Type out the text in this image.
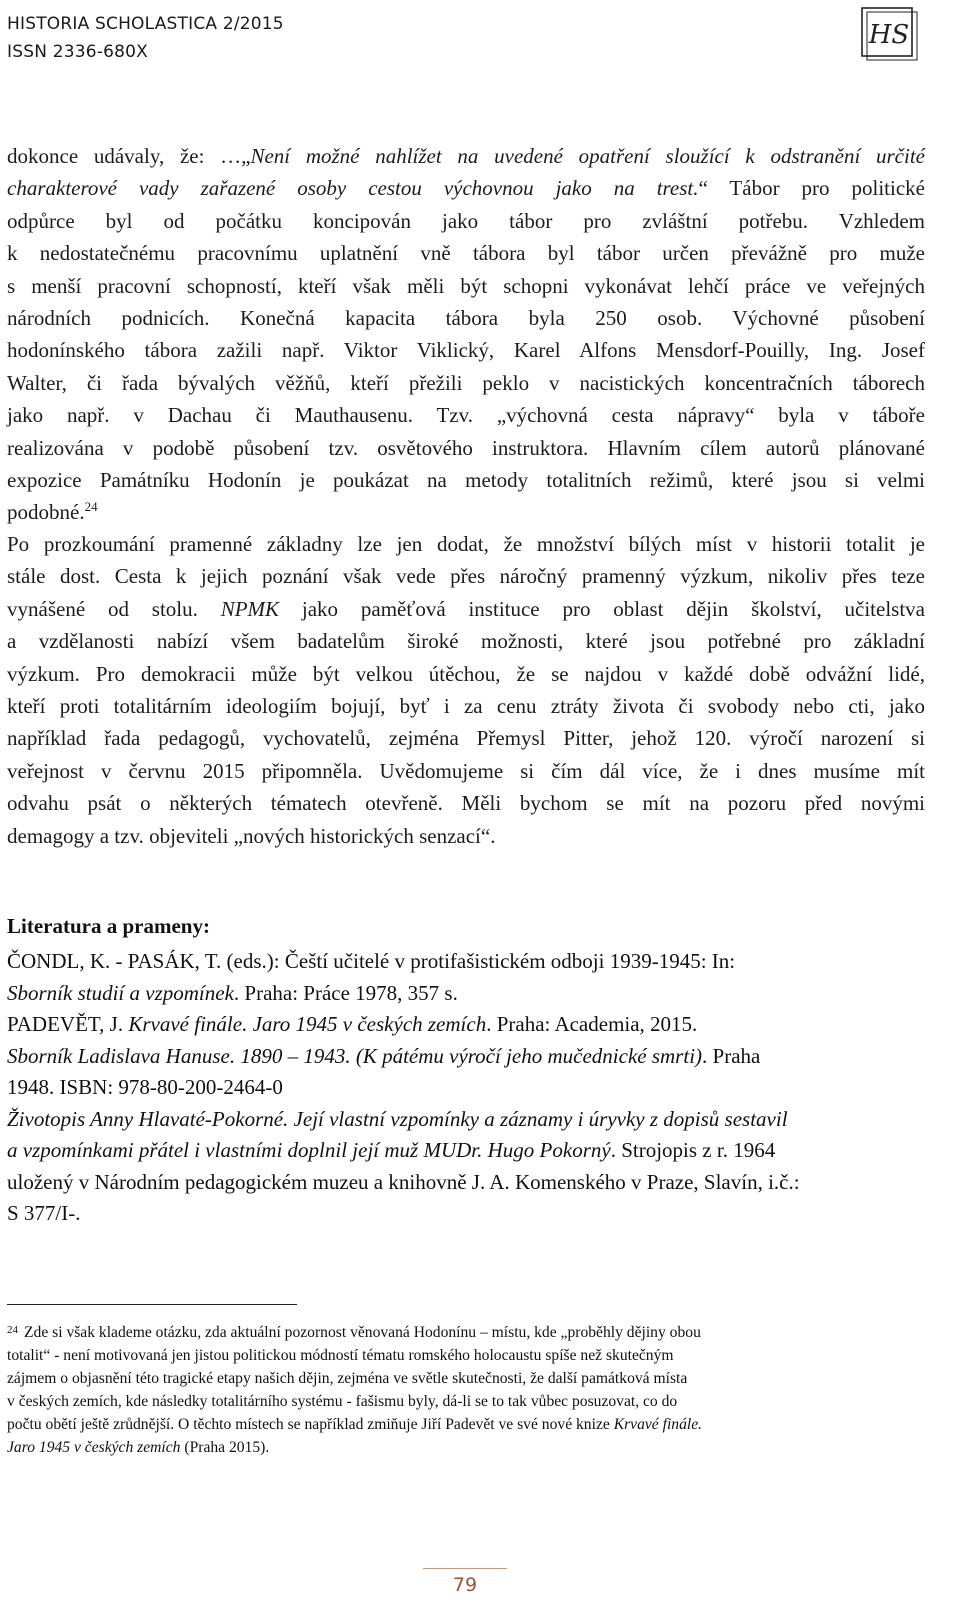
HISTORIA SCHOLASTICA 2/2015
ISSN 2336-680X
HS
dokonce udávaly, že: …„Není možné nahlížet na uvedené opatření sloužící k odstranění určité
charakterové vady zařazené osoby cestou výchovnou jako na trest.“ Tábor pro politické
odpůrce byl od počátku koncipován jako tábor pro zvláštní potřebu. Vzhledem
k nedostatečnému pracovnímu uplatnění vně tábora byl tábor určen převážně pro muže
s menší pracovní schopností, kteří však měli být schopni vykonávat lehčí práce ve veřejných
národních podnicích. Konečná kapacita tábora byla 250 osob. Výchovné působení
hodonínského tábora zažili např. Viktor Viklický, Karel Alfons Mensdorf-Pouilly, Ing. Josef
Walter, či řada bývalých věžňů, kteří přežili peklo v nacistických koncentračních táborech
jako např. v Dachau či Mauthausenu. Tzv. „výchovná cesta nápravy“ byla v táboře
realizována v podobě působení tzv. osvětového instruktora. Hlavním cílem autorů plánované
expozice Památníku Hodonín je poukázat na metody totalitních režimů, které jsou si velmi
podobné.$^{24}$
Po prozkoumání pramenné základny lze jen dodat, že množství bílých míst v historii totalit je
stále dost. Cesta k jejich poznání však vede přes náročný pramenný výzkum, nikoliv přes teze
vynášené od stolu. NPMK jako paměťová instituce pro oblast dějin školství, učitelstva
a vzdělanosti nabízí všem badatelům široké možnosti, které jsou potřebné pro základní
výzkum. Pro demokracii může být velkou útěchou, že se najdou v každé době odvážní lidé,
kteří proti totalitárním ideologiím bojují, byť i za cenu ztráty života či svobody nebo cti, jako
například řada pedagogů, vychovatelů, zejména Přemysl Pitter, jehož 120. výročí narození si
veřejnost v červnu 2015 připomněla. Uvědomujeme si čím dál více, že i dnes musíme mít
odvahu psát o některých tématech otevřeně. Měli bychom se mít na pozoru před novými
demagogy a tzv. objeviteli „nových historických senzací“.
Literatura a prameny:
ČONDL, K. - PASÁK, T. (eds.): Čeští učitelé v protifašistickém odboji 1939-1945: In:
Sborník studií a vzpomínek. Praha: Práce 1978, 357 s.
PADEVĚT, J. Krvavé finále. Jaro 1945 v českých zemích. Praha: Academia, 2015.
Sborník Ladislava Hanuse. 1890 – 1943. (K pátému výročí jeho mučednické smrti). Praha
1948. ISBN: 978-80-200-2464-0
Životopis Anny Hlavaté-Pokorné. Její vlastní vzpomínky a záznamy i úryvky z dopisů sestavil
a vzpomínkami přátel i vlastními doplnil její muž MUDr. Hugo Pokorný. Strojopis z r. 1964
uložený v Národním pedagogickém muzeu a knihovně J. A. Komenského v Praze, Slavín, i.č.:
S 377/I-.
24 Zde si však klademe otázku, zda aktuální pozornost věnovaná Hodonínu – místu, kde „proběhly dějiny obou
totalit“ - není motivovaná jen jistou politickou módností tématu romského holocaustu spíše než skutečným
zájmem o objasnění této tragické etapy našich dějin, zejména ve světle skutečnosti, že další památková místa
v českých zemích, kde následky totalitárního systému - fašismu byly, dá-li se to tak vůbec posuzovat, co do
počtu obětí ještě zrůdnější. O těchto místech se například zmiňuje Jiří Padevět ve své nové knize Krvavé finále.
Jaro 1945 v českých zemích (Praha 2015).
79
